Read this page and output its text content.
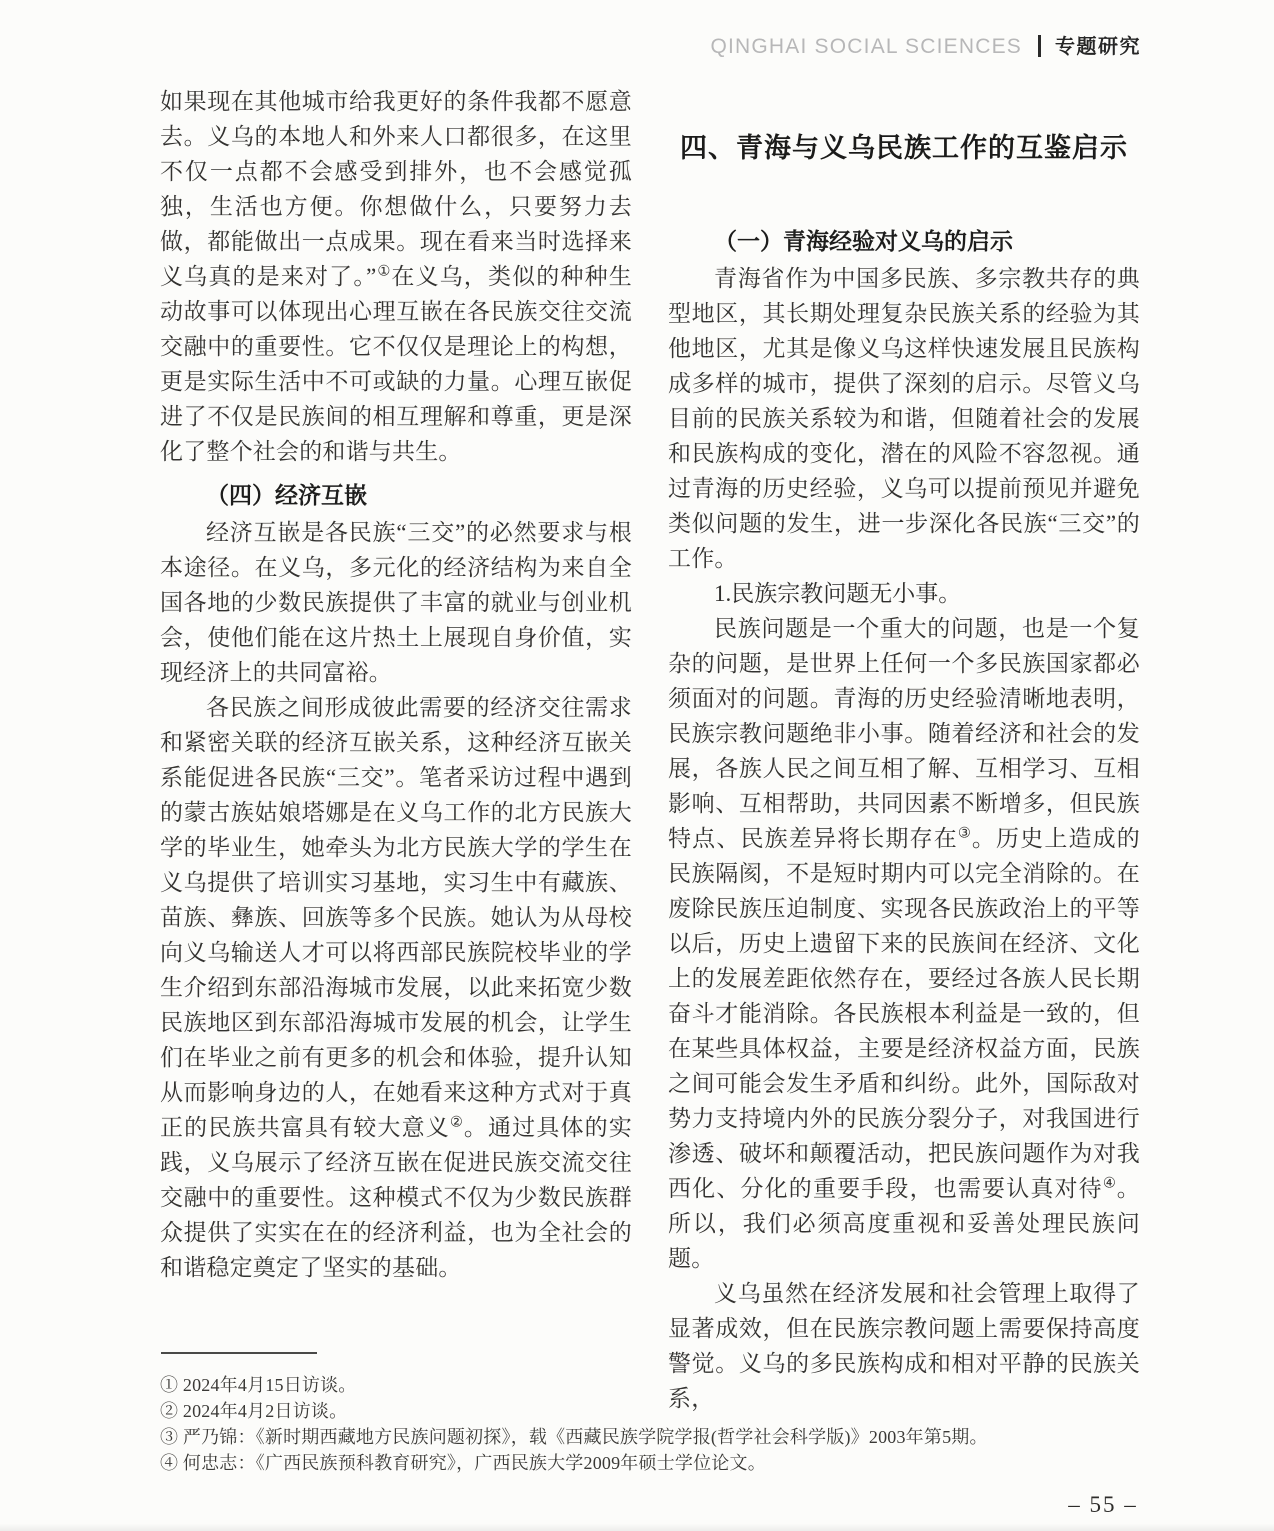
QINGHAI SOCIAL SCIENCES 专题研究

如果现在其他城市给我更好的条件我都不愿意去。义乌的本地人和外来人口都很多，在这里不仅一点都不会感受到排外，也不会感觉孤独，生活也方便。你想做什么，只要努力去做，都能做出一点成果。现在看来当时选择来义乌真的是来对了。”①在义乌，类似的种种生动故事可以体现出心理互嵌在各民族交往交流交融中的重要性。它不仅仅是理论上的构想，更是实际生活中不可或缺的力量。心理互嵌促进了不仅是民族间的相互理解和尊重，更是深化了整个社会的和谐与共生。

（四）经济互嵌

经济互嵌是各民族“三交”的必然要求与根本途径。在义乌，多元化的经济结构为来自全国各地的少数民族提供了丰富的就业与创业机会，使他们能在这片热土上展现自身价值，实现经济上的共同富裕。

各民族之间形成彼此需要的经济交往需求和紧密关联的经济互嵌关系，这种经济互嵌关系能促进各民族“三交”。笔者采访过程中遇到的蒙古族姑娘塔娜是在义乌工作的北方民族大学的毕业生，她牵头为北方民族大学的学生在义乌提供了培训实习基地，实习生中有藏族、苗族、彝族、回族等多个民族。她认为从母校向义乌输送人才可以将西部民族院校毕业的学生介绍到东部沿海城市发展，以此来拓宽少数民族地区到东部沿海城市发展的机会，让学生们在毕业之前有更多的机会和体验，提升认知从而影响身边的人，在她看来这种方式对于真正的民族共富具有较大意义②。通过具体的实践，义乌展示了经济互嵌在促进民族交流交往交融中的重要性。这种模式不仅为少数民族群众提供了实实在在的经济利益，也为全社会的和谐稳定奠定了坚实的基础。

四、青海与义乌民族工作的互鉴启示
（一）青海经验对义乌的启示

青海省作为中国多民族、多宗教共存的典型地区，其长期处理复杂民族关系的经验为其他地区，尤其是像义乌这样快速发展且民族构成多样的城市，提供了深刻的启示。尽管义乌目前的民族关系较为和谐，但随着社会的发展和民族构成的变化，潜在的风险不容忽视。通过青海的历史经验，义乌可以提前预见并避免类似问题的发生，进一步深化各民族“三交”的工作。

1.民族宗教问题无小事。

民族问题是一个重大的问题，也是一个复杂的问题，是世界上任何一个多民族国家都必须面对的问题。青海的历史经验清晰地表明，民族宗教问题绝非小事。随着经济和社会的发展，各族人民之间互相了解、互相学习、互相影响、互相帮助，共同因素不断增多，但民族特点、民族差异将长期存在③。历史上造成的民族隔阂，不是短时期内可以完全消除的。在废除民族压迫制度、实现各民族政治上的平等以后，历史上遗留下来的民族间在经济、文化上的发展差距依然存在，要经过各族人民长期奋斗才能消除。各民族根本利益是一致的，但在某些具体权益，主要是经济权益方面，民族之间可能会发生矛盾和纠纷。此外，国际敌对势力支持境内外的民族分裂分子，对我国进行渗透、破坏和颠覆活动，把民族问题作为对我西化、分化的重要手段，也需要认真对待④。所以，我们必须高度重视和妥善处理民族问题。

义乌虽然在经济发展和社会管理上取得了显著成效，但在民族宗教问题上需要保持高度警觉。义乌的多民族构成和相对平静的民族关系，

① 2024年4月15日访谈。

② 2024年4月2日访谈。

③ 严乃锦：《新时期西藏地方民族问题初探》，载《西藏民族学院学报(哲学社会科学版)》2003年第5期。

④ 何忠志：《广西民族预科教育研究》，广西民族大学2009年硕士学位论文。

– 55 –
